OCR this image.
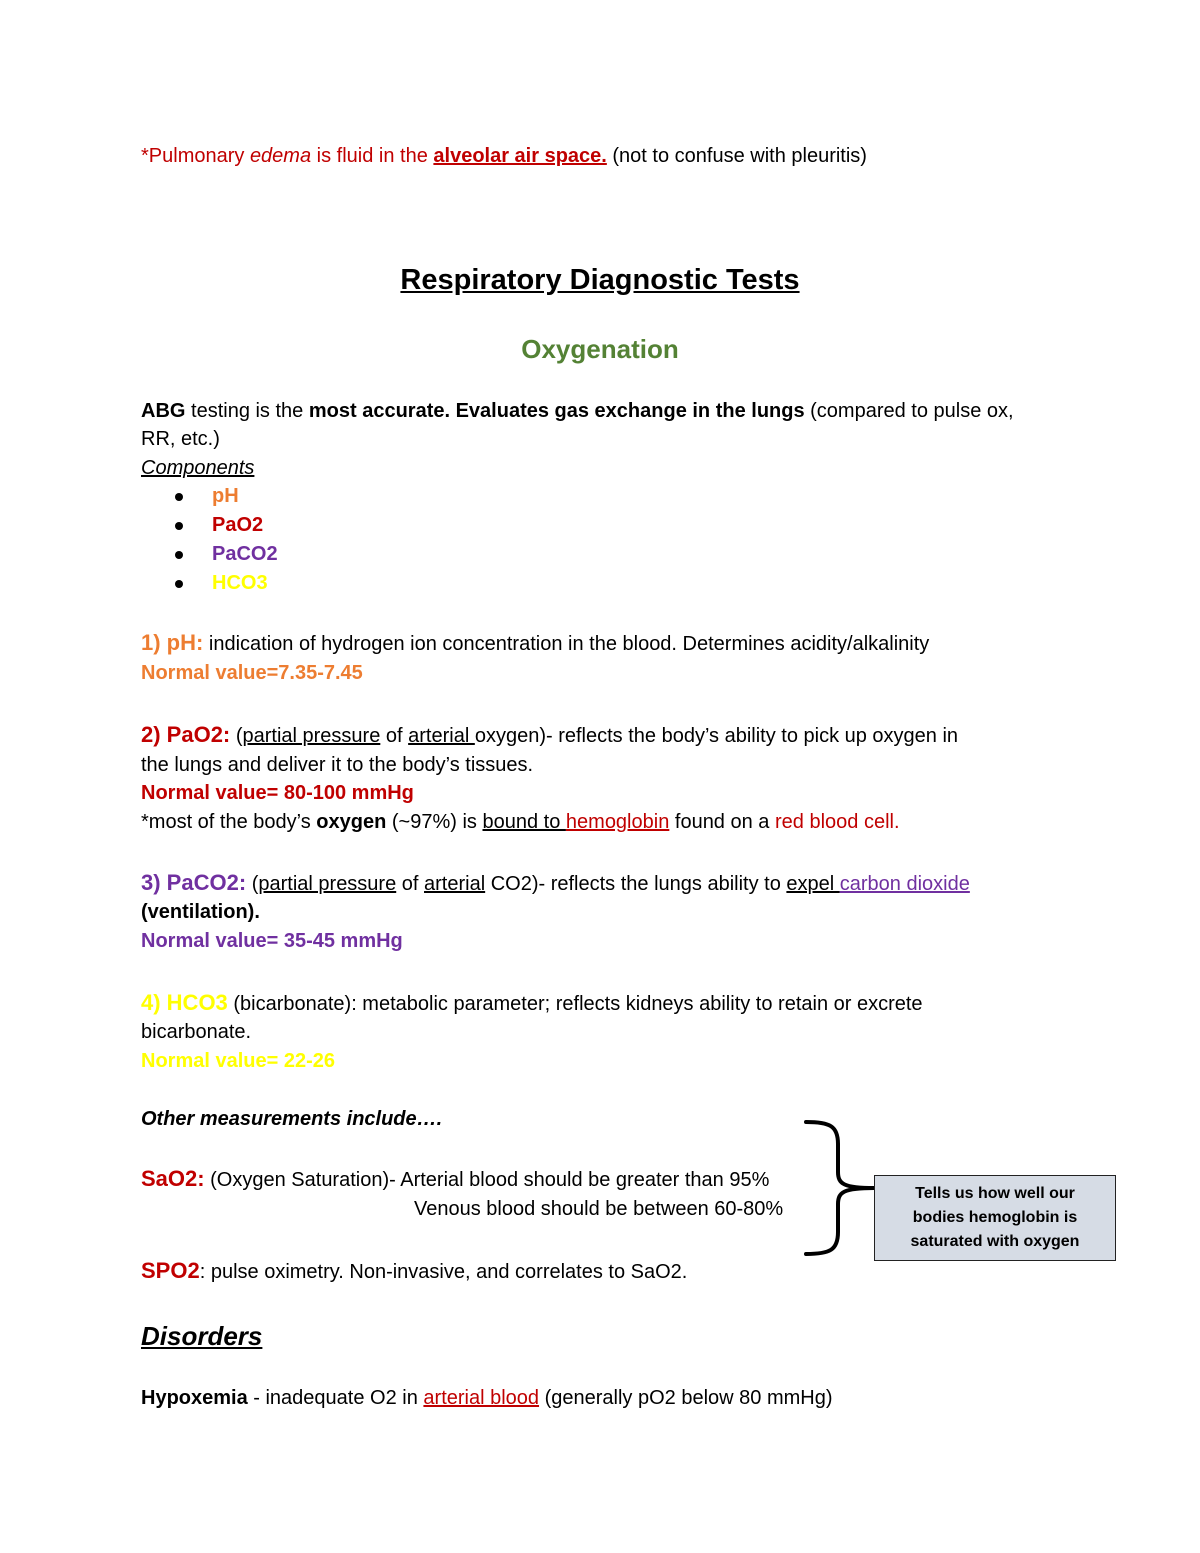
*Pulmonary edema is fluid in the alveolar air space. (not to confuse with pleuritis)
Respiratory Diagnostic Tests
Oxygenation
ABG testing is the most accurate. Evaluates gas exchange in the lungs (compared to pulse ox,
RR, etc.)
Components
pH
PaO2
PaCO2
HCO3
1) pH: indication of hydrogen ion concentration in the blood. Determines acidity/alkalinity
Normal value=7.35-7.45
2) PaO2: (partial pressure of arterial oxygen)- reflects the body’s ability to pick up oxygen in
the lungs and deliver it to the body’s tissues.
Normal value= 80-100 mmHg
*most of the body’s oxygen (~97%) is bound to hemoglobin found on a red blood cell.
3) PaCO2: (partial pressure of arterial CO2)- reflects the lungs ability to expel carbon dioxide
(ventilation).
Normal value= 35-45 mmHg
4) HCO3 (bicarbonate): metabolic parameter; reflects kidneys ability to retain or excrete
bicarbonate.
Normal value= 22-26
Other measurements include….
SaO2: (Oxygen Saturation)- Arterial blood should be greater than 95%
Venous blood should be between 60-80%
SPO2: pulse oximetry. Non-invasive, and correlates to SaO2.
Tells us how well our bodies hemoglobin is saturated with oxygen
Disorders
Hypoxemia - inadequate O2 in arterial blood (generally pO2 below 80 mmHg)
